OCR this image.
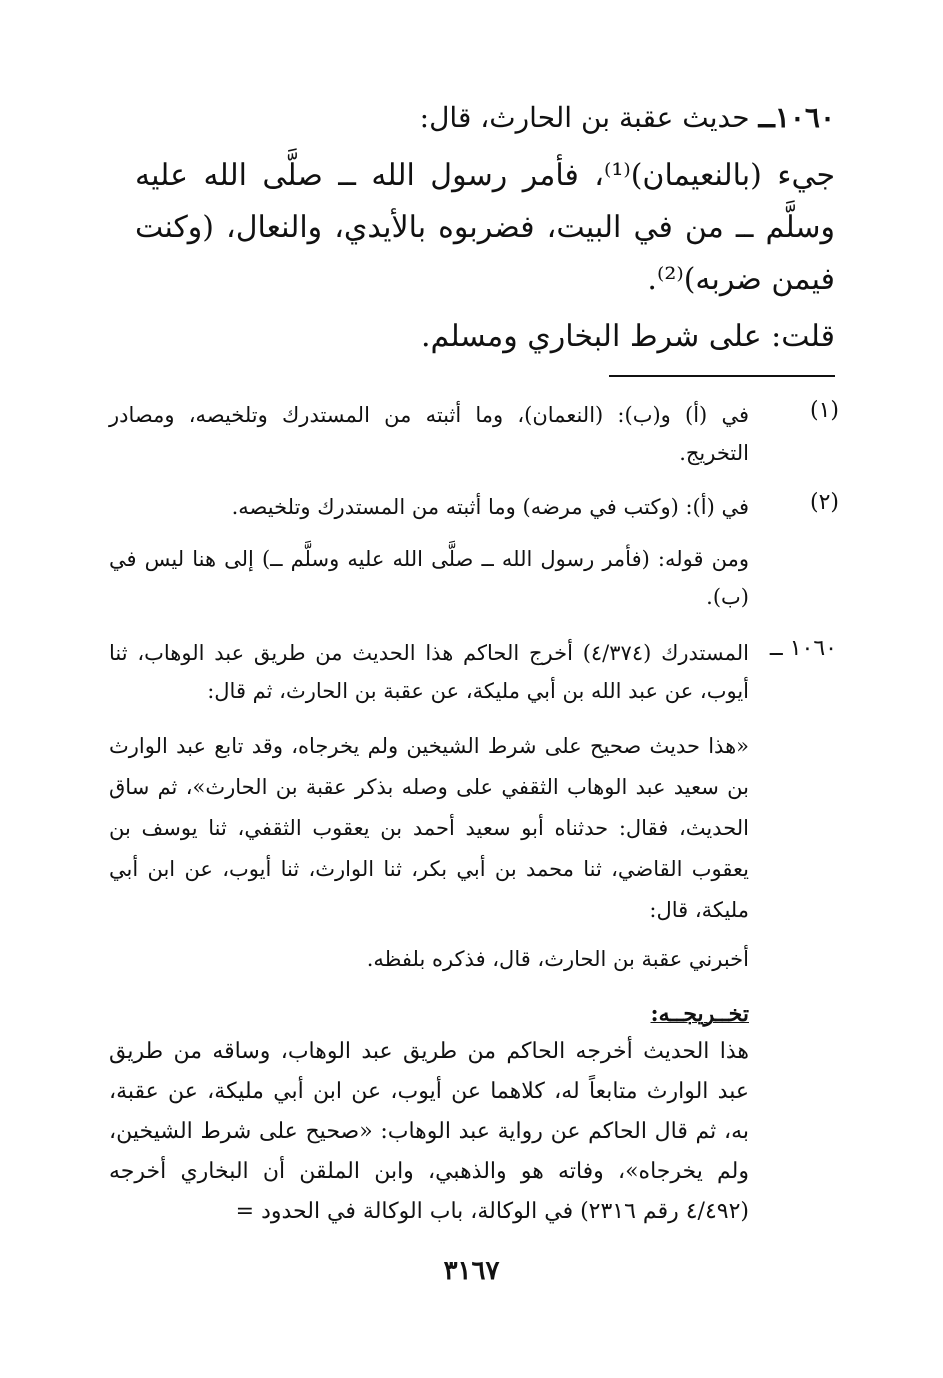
١٠٦٠ــ حديث عقبة بن الحارث، قال:
جيء (بالنعيمان)⁽¹⁾، فأمر رسول الله ــ صلَّى الله عليه وسلَّم ــ من في البيت، فضربوه بالأيدي، والنعال، (وكنت فيمن ضربه)⁽²⁾.
قلت: على شرط البخاري ومسلم.
(١)
في (أ) و(ب): (النعمان)، وما أثبته من المستدرك وتلخيصه، ومصادر التخريج.
(٢)
في (أ): (وكتب في مرضه) وما أثبته من المستدرك وتلخيصه.
ومن قوله: (فأمر رسول الله ــ صلَّى الله عليه وسلَّم ــ) إلى هنا ليس في (ب).
١٠٦٠ ــ
المستدرك (٤/٣٧٤) أخرج الحاكم هذا الحديث من طريق عبد الوهاب، ثنا أيوب، عن عبد الله بن أبي مليكة، عن عقبة بن الحارث، ثم قال:
«هذا حديث صحيح على شرط الشيخين ولم يخرجاه، وقد تابع عبد الوارث بن سعيد عبد الوهاب الثقفي على وصله بذكر عقبة بن الحارث»، ثم ساق الحديث، فقال: حدثناه أبو سعيد أحمد بن يعقوب الثقفي، ثنا يوسف بن يعقوب القاضي، ثنا محمد بن أبي بكر، ثنا الوارث، ثنا أيوب، عن ابن أبي مليكة، قال:
أخبرني عقبة بن الحارث، قال، فذكره بلفظه.
تخــريجــه:
هذا الحديث أخرجه الحاكم من طريق عبد الوهاب، وساقه من طريق عبد الوارث متابعاً له، كلاهما عن أيوب، عن ابن أبي مليكة، عن عقبة، به، ثم قال الحاكم عن رواية عبد الوهاب: «صحيح على شرط الشيخين، ولم يخرجاه»، وفاته هو والذهبي، وابن الملقن أن البخاري أخرجه (٤/٤٩٢ رقم ٢٣١٦) في الوكالة، باب الوكالة في الحدود =
٣١٦٧
